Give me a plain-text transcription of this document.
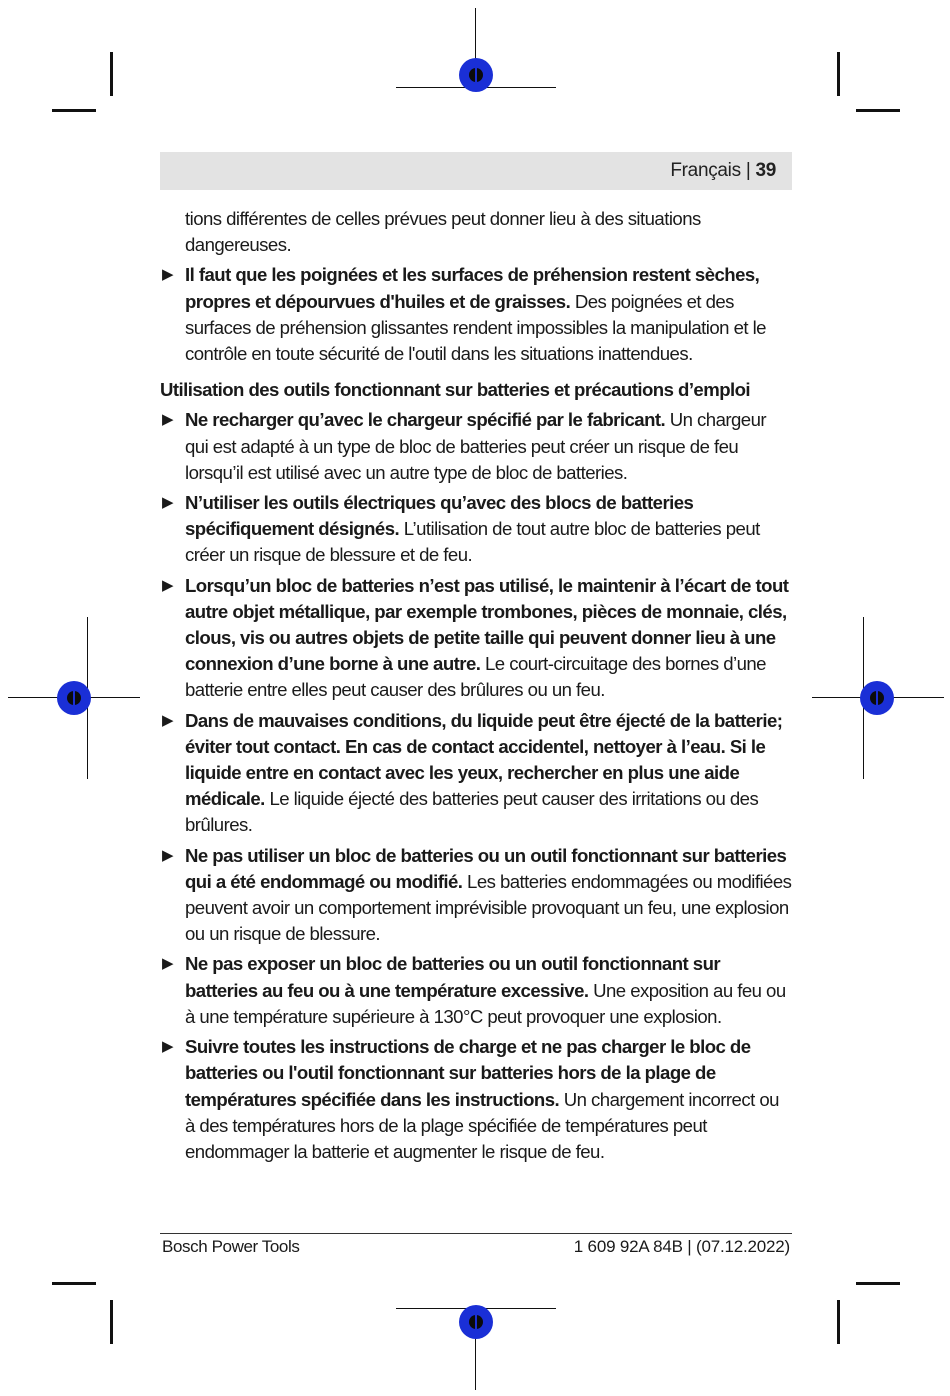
Français | 39

tions différentes de celles prévues peut donner lieu à des situations dangereuses.

▶ Il faut que les poignées et les surfaces de préhension restent sèches, propres et dépourvues d'huiles et de graisses. Des poignées et des surfaces de préhension glissantes rendent impossibles la manipulation et le contrôle en toute sécurité de l'outil dans les situations inattendues.
Utilisation des outils fonctionnant sur batteries et précautions d’emploi
▶ Ne recharger qu’avec le chargeur spécifié par le fabricant. Un chargeur qui est adapté à un type de bloc de batteries peut créer un risque de feu lorsqu’il est utilisé avec un autre type de bloc de batteries.
▶ N’utiliser les outils électriques qu’avec des blocs de batteries spécifiquement désignés. L’utilisation de tout autre bloc de batteries peut créer un risque de blessure et de feu.
▶ Lorsqu’un bloc de batteries n’est pas utilisé, le maintenir à l’écart de tout autre objet métallique, par exemple trombones, pièces de monnaie, clés, clous, vis ou autres objets de petite taille qui peuvent donner lieu à une connexion d’une borne à une autre. Le court-circuitage des bornes d’une batterie entre elles peut causer des brûlures ou un feu.
▶ Dans de mauvaises conditions, du liquide peut être éjecté de la batterie; éviter tout contact. En cas de contact accidentel, nettoyer à l’eau. Si le liquide entre en contact avec les yeux, rechercher en plus une aide médicale. Le liquide éjecté des batteries peut causer des irritations ou des brûlures.
▶ Ne pas utiliser un bloc de batteries ou un outil fonctionnant sur batteries qui a été endommagé ou modifié. Les batteries endommagées ou modifiées peuvent avoir un comportement imprévisible provoquant un feu, une explosion ou un risque de blessure.
▶ Ne pas exposer un bloc de batteries ou un outil fonctionnant sur batteries au feu ou à une température excessive. Une exposition au feu ou à une température supérieure à 130°C peut provoquer une explosion.
▶ Suivre toutes les instructions de charge et ne pas charger le bloc de batteries ou l'outil fonctionnant sur batteries hors de la plage de températures spécifiée dans les instructions. Un chargement incorrect ou à des températures hors de la plage spécifiée de températures peut endommager la batterie et augmenter le risque de feu.
Bosch Power Tools	1 609 92A 84B | (07.12.2022)
